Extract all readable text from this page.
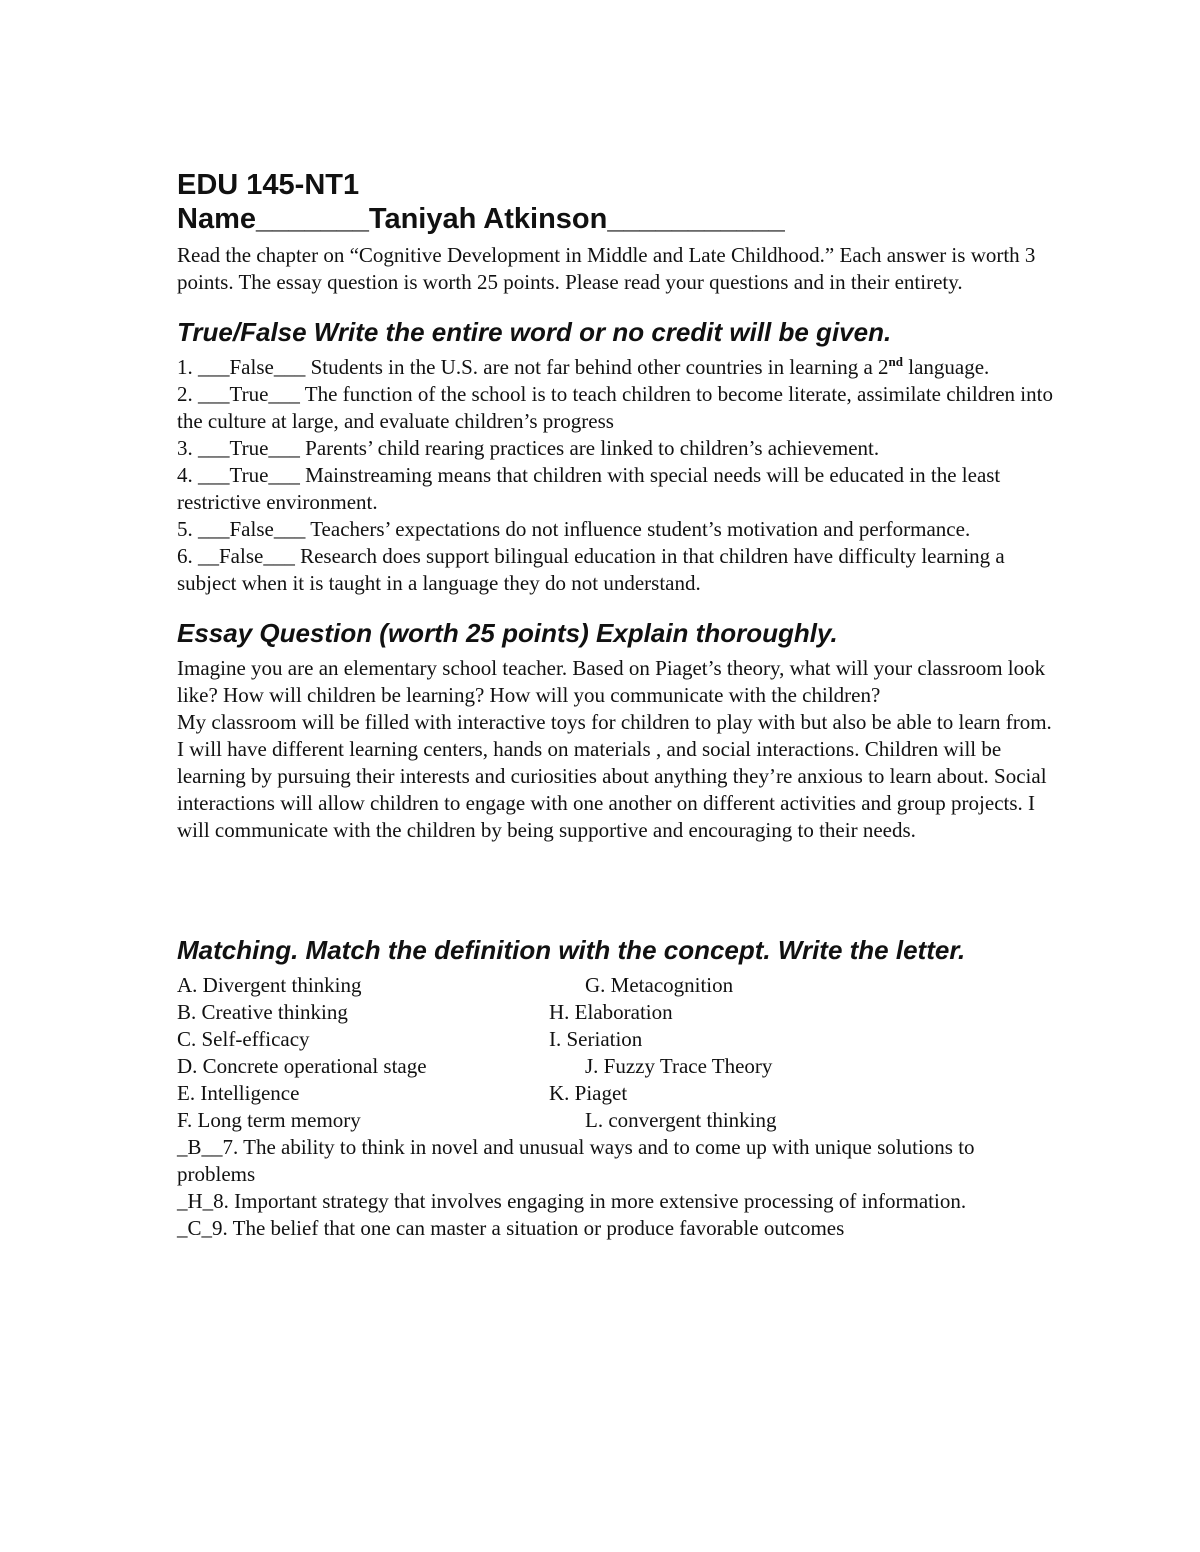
EDU 145-NT1
Name_______Taniyah Atkinson___________
Read the chapter on “Cognitive Development in Middle and Late Childhood.” Each answer is worth 3 points. The essay question is worth 25 points. Please read your questions and in their entirety.
True/False Write the entire word or no credit will be given.
1. ___False___ Students in the U.S. are not far behind other countries in learning a 2nd language.
2. ___True___ The function of the school is to teach children to become literate, assimilate children into the culture at large, and evaluate children’s progress
3. ___True___ Parents’ child rearing practices are linked to children’s achievement.
4. ___True___ Mainstreaming means that children with special needs will be educated in the least restrictive environment.
5. ___False___ Teachers’ expectations do not influence student’s motivation and performance.
6. __False___ Research does support bilingual education in that children have difficulty learning a subject when it is taught in a language they do not understand.
Essay Question (worth 25 points) Explain thoroughly.
Imagine you are an elementary school teacher. Based on Piaget’s theory, what will your classroom look like? How will children be learning? How will you communicate with the children?
My classroom will be filled with interactive toys for children to play with but also be able to learn from. I will have different learning centers, hands on materials , and social interactions. Children will be learning by pursuing their interests and curiosities about anything they’re anxious to learn about. Social interactions will allow children to engage with one another on different activities and group projects. I will communicate with the children by being supportive and encouraging to their needs.
Matching. Match the definition with the concept. Write the letter.
A. Divergent thinking	G. Metacognition
B. Creative thinking	H. Elaboration
C. Self-efficacy	I. Seriation
D. Concrete operational stage	J. Fuzzy Trace Theory
E. Intelligence	K. Piaget
F. Long term memory	L. convergent thinking
_B__7. The ability to think in novel and unusual ways and to come up with unique solutions to problems
_H_8. Important strategy that involves engaging in more extensive processing of information.
_C_9. The belief that one can master a situation or produce favorable outcomes
